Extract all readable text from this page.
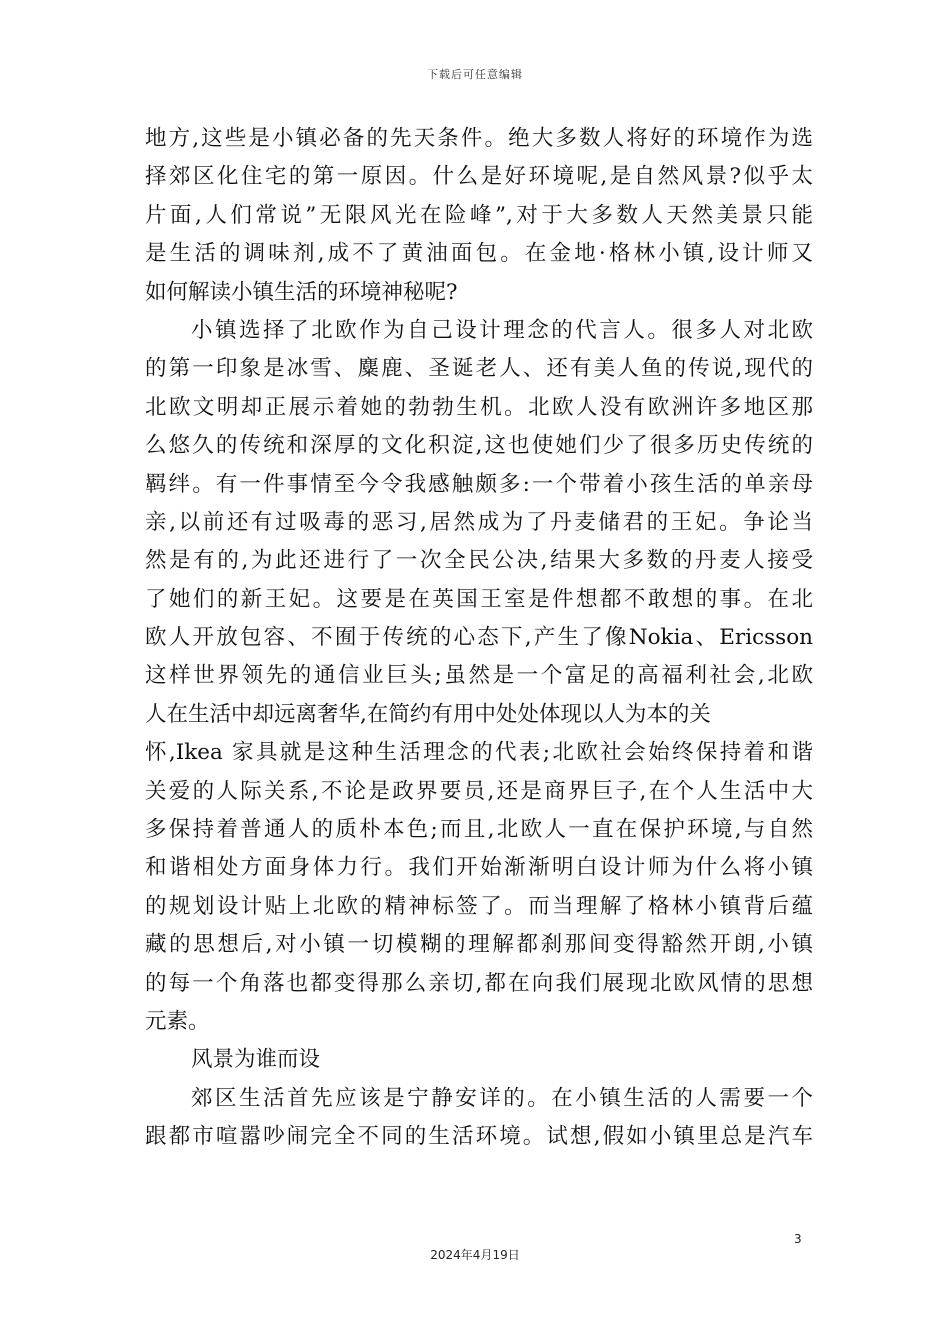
下载后可任意编辑
地方,这些是小镇必备的先天条件。绝大多数人将好的环境作为选
择郊区化住宅的第一原因。什么是好环境呢,是自然风景?似乎太
片面,人们常说”无限风光在险峰”,对于大多数人天然美景只能
是生活的调味剂,成不了黄油面包。在金地·格林小镇,设计师又
如何解读小镇生活的环境神秘呢?
小镇选择了北欧作为自己设计理念的代言人。很多人对北欧
的第一印象是冰雪、麋鹿、圣诞老人、还有美人鱼的传说,现代的
北欧文明却正展示着她的勃勃生机。北欧人没有欧洲许多地区那
么悠久的传统和深厚的文化积淀,这也使她们少了很多历史传统的
羁绊。有一件事情至今令我感触颇多:一个带着小孩生活的单亲母
亲,以前还有过吸毒的恶习,居然成为了丹麦储君的王妃。争论当
然是有的,为此还进行了一次全民公决,结果大多数的丹麦人接受
了她们的新王妃。这要是在英国王室是件想都不敢想的事。在北
欧人开放包容、不囿于传统的心态下,产生了像Nokia、Ericsson
这样世界领先的通信业巨头;虽然是一个富足的高福利社会,北欧
人在生活中却远离奢华,在简约有用中处处体现以人为本的关
怀,Ikea 家具就是这种生活理念的代表;北欧社会始终保持着和谐
关爱的人际关系,不论是政界要员,还是商界巨子,在个人生活中大
多保持着普通人的质朴本色;而且,北欧人一直在保护环境,与自然
和谐相处方面身体力行。我们开始渐渐明白设计师为什么将小镇
的规划设计贴上北欧的精神标签了。而当理解了格林小镇背后蕴
藏的思想后,对小镇一切模糊的理解都刹那间变得豁然开朗,小镇
的每一个角落也都变得那么亲切,都在向我们展现北欧风情的思想
元素。
风景为谁而设
郊区生活首先应该是宁静安详的。在小镇生活的人需要一个
跟都市喧嚣吵闹完全不同的生活环境。试想,假如小镇里总是汽车
3
2024年4月19日
